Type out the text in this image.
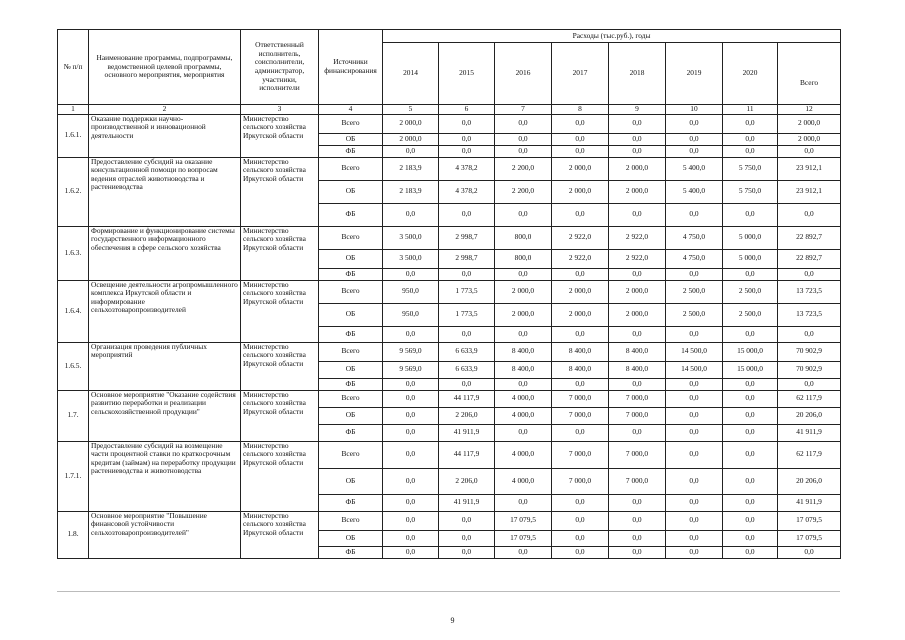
№ п/п	Наименование программы, подпрограммы, ведомственной целевой программы, основного мероприятия, мероприятия	Ответственный исполнитель, соисполнители, администратор, участники, исполнители	Источники финансирования	Расходы (тыс.руб.), годы							
				2014	2015	2016	2017	2018	2019	2020	Всего
1	2	3	4	5	6	7	8	9	10	11	12
1.6.1.	Оказание поддержки научно-производственной и инновационной деятельности	Министерство сельского хозяйства Иркутской области	Всего	2 000,0	0,0	0,0	0,0	0,0	0,0	0,0	2 000,0
			ОБ	2 000,0	0,0	0,0	0,0	0,0	0,0	0,0	2 000,0
			ФБ	0,0	0,0	0,0	0,0	0,0	0,0	0,0	0,0
1.6.2.	Предоставление субсидий на оказание консультационной помощи по вопросам ведения отраслей животноводства и растениеводства	Министерство сельского хозяйства Иркутской области	Всего	2 183,9	4 378,2	2 200,0	2 000,0	2 000,0	5 400,0	5 750,0	23 912,1
			ОБ	2 183,9	4 378,2	2 200,0	2 000,0	2 000,0	5 400,0	5 750,0	23 912,1
			ФБ	0,0	0,0	0,0	0,0	0,0	0,0	0,0	0,0
1.6.3.	Формирование и функционирование системы государственного информационного обеспечения в сфере сельского хозяйства	Министерство сельского хозяйства Иркутской области	Всего	3 500,0	2 998,7	800,0	2 922,0	2 922,0	4 750,0	5 000,0	22 892,7
			ОБ	3 500,0	2 998,7	800,0	2 922,0	2 922,0	4 750,0	5 000,0	22 892,7
			ФБ	0,0	0,0	0,0	0,0	0,0	0,0	0,0	0,0
1.6.4.	Освещение деятельности агропромышленного комплекса Иркутской области и информирование сельхозтоваропроизводителей	Министерство сельского хозяйства Иркутской области	Всего	950,0	1 773,5	2 000,0	2 000,0	2 000,0	2 500,0	2 500,0	13 723,5
			ОБ	950,0	1 773,5	2 000,0	2 000,0	2 000,0	2 500,0	2 500,0	13 723,5
			ФБ	0,0	0,0	0,0	0,0	0,0	0,0	0,0	0,0
1.6.5.	Организация проведения публичных мероприятий	Министерство сельского хозяйства Иркутской области	Всего	9 569,0	6 633,9	8 400,0	8 400,0	8 400,0	14 500,0	15 000,0	70 902,9
			ОБ	9 569,0	6 633,9	8 400,0	8 400,0	8 400,0	14 500,0	15 000,0	70 902,9
			ФБ	0,0	0,0	0,0	0,0	0,0	0,0	0,0	0,0
1.7.	Основное мероприятие "Оказание содействия развитию переработки и реализации сельскохозяйственной продукции"	Министерство сельского хозяйства Иркутской области	Всего	0,0	44 117,9	4 000,0	7 000,0	7 000,0	0,0	0,0	62 117,9
			ОБ	0,0	2 206,0	4 000,0	7 000,0	7 000,0	0,0	0,0	20 206,0
			ФБ	0,0	41 911,9	0,0	0,0	0,0	0,0	0,0	41 911,9
1.7.1.	Предоставление субсидий на возмещение части процентной ставки по краткосрочным кредитам (займам) на переработку продукции растениеводства и животноводства	Министерство сельского хозяйства Иркутской области	Всего	0,0	44 117,9	4 000,0	7 000,0	7 000,0	0,0	0,0	62 117,9
			ОБ	0,0	2 206,0	4 000,0	7 000,0	7 000,0	0,0	0,0	20 206,0
			ФБ	0,0	41 911,9	0,0	0,0	0,0	0,0	0,0	41 911,9
1.8.	Основное мероприятие "Повышение финансовой устойчивости сельхозтоваропроизводителей"	Министерство сельского хозяйства Иркутской области	Всего	0,0	0,0	17 079,5	0,0	0,0	0,0	0,0	17 079,5
			ОБ	0,0	0,0	17 079,5	0,0	0,0	0,0	0,0	17 079,5
			ФБ	0,0	0,0	0,0	0,0	0,0	0,0	0,0	0,0
9
